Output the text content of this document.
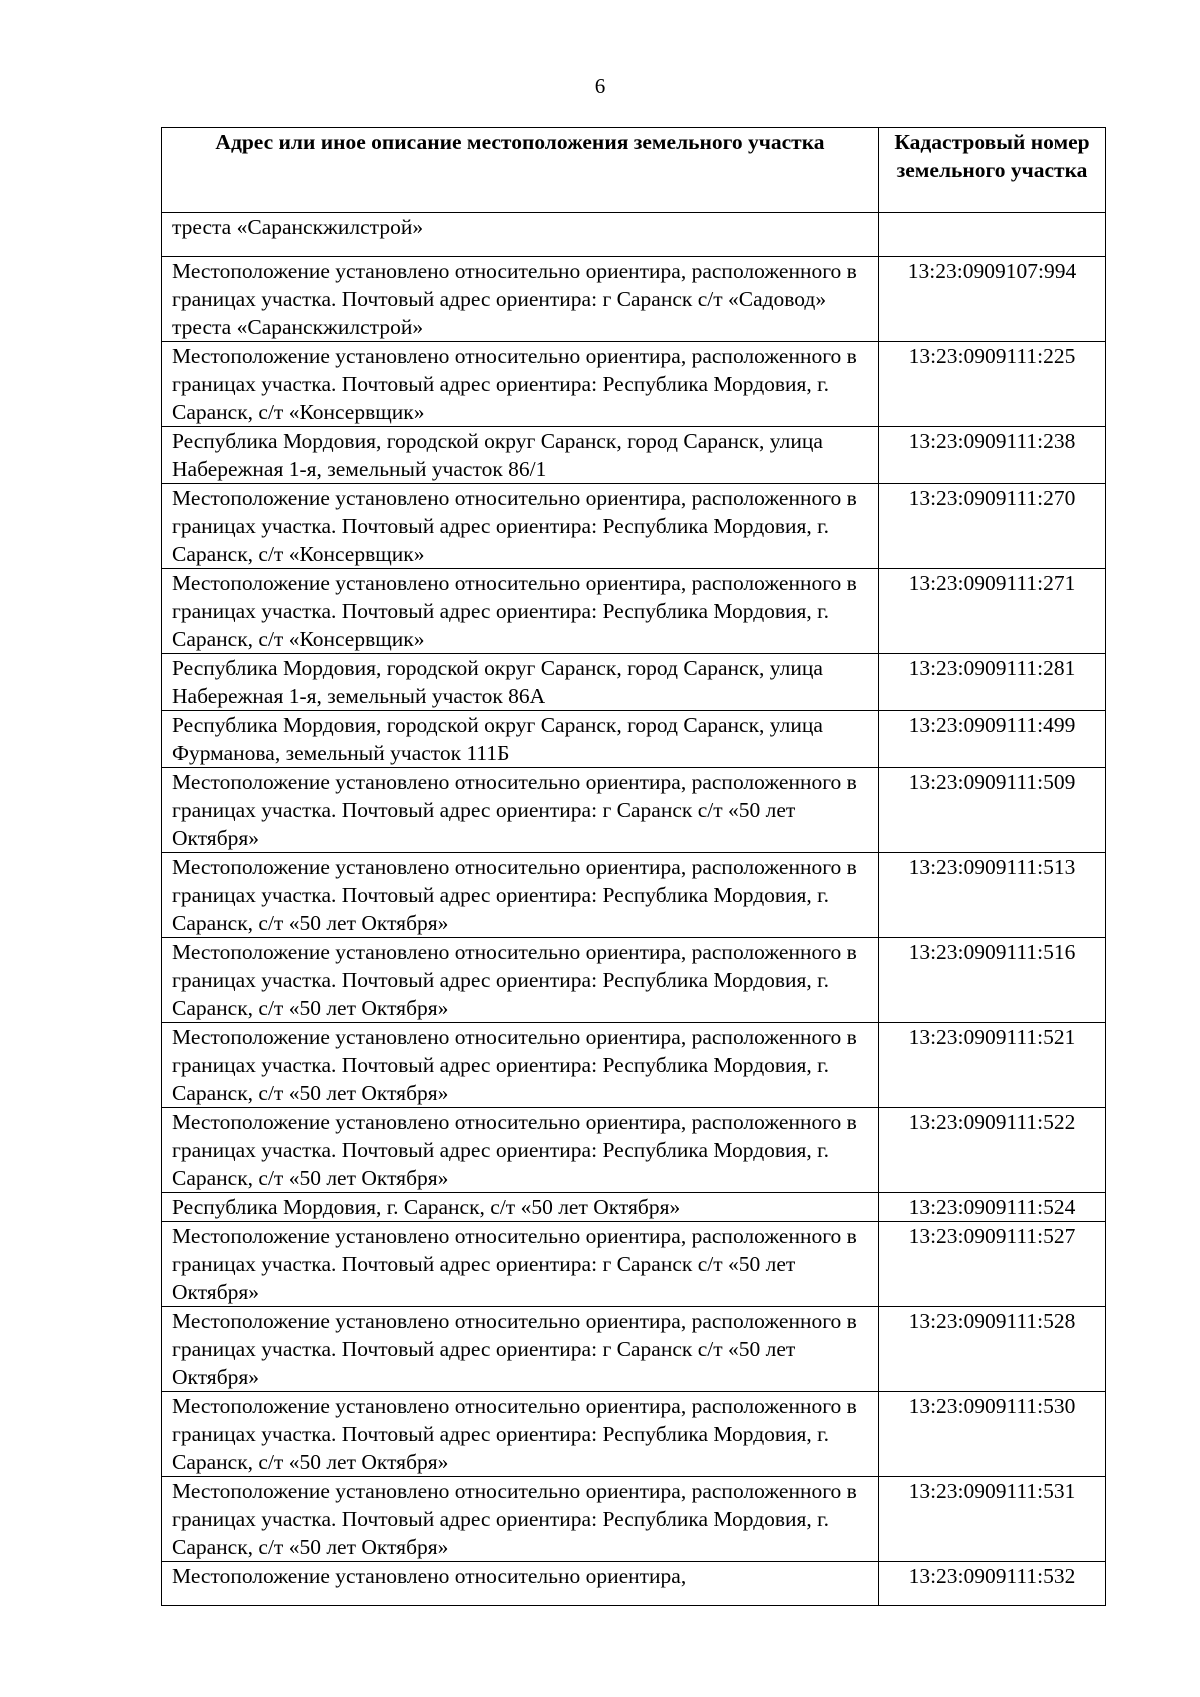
6
Адрес или иное описание местоположения земельного участка	Кадастровый номер земельного участка
треста «Саранскжилстрой»	
Местоположение установлено относительно ориентира, расположенного в границах участка. Почтовый адрес ориентира: г Саранск с/т «Садовод» треста «Саранскжилстрой»	13:23:0909107:994
Местоположение установлено относительно ориентира, расположенного в границах участка. Почтовый адрес ориентира: Республика Мордовия, г. Саранск, с/т «Консервщик»	13:23:0909111:225
Республика Мордовия, городской округ Саранск, город Саранск, улица Набережная 1-я, земельный участок 86/1	13:23:0909111:238
Местоположение установлено относительно ориентира, расположенного в границах участка. Почтовый адрес ориентира: Республика Мордовия, г. Саранск, с/т «Консервщик»	13:23:0909111:270
Местоположение установлено относительно ориентира, расположенного в границах участка. Почтовый адрес ориентира: Республика Мордовия, г. Саранск, с/т «Консервщик»	13:23:0909111:271
Республика Мордовия, городской округ Саранск, город Саранск, улица Набережная 1-я, земельный участок 86А	13:23:0909111:281
Республика Мордовия, городской округ Саранск, город Саранск, улица Фурманова, земельный участок 111Б	13:23:0909111:499
Местоположение установлено относительно ориентира, расположенного в границах участка. Почтовый адрес ориентира: г Саранск с/т «50 лет Октября»	13:23:0909111:509
Местоположение установлено относительно ориентира, расположенного в границах участка. Почтовый адрес ориентира: Республика Мордовия, г. Саранск, с/т «50 лет Октября»	13:23:0909111:513
Местоположение установлено относительно ориентира, расположенного в границах участка. Почтовый адрес ориентира: Республика Мордовия, г. Саранск, с/т «50 лет Октября»	13:23:0909111:516
Местоположение установлено относительно ориентира, расположенного в границах участка. Почтовый адрес ориентира: Республика Мордовия, г. Саранск, с/т «50 лет Октября»	13:23:0909111:521
Местоположение установлено относительно ориентира, расположенного в границах участка. Почтовый адрес ориентира: Республика Мордовия, г. Саранск, с/т «50 лет Октября»	13:23:0909111:522
Республика Мордовия, г. Саранск, с/т «50 лет Октября»	13:23:0909111:524
Местоположение установлено относительно ориентира, расположенного в границах участка. Почтовый адрес ориентира: г Саранск с/т «50 лет Октября»	13:23:0909111:527
Местоположение установлено относительно ориентира, расположенного в границах участка. Почтовый адрес ориентира: г Саранск с/т «50 лет Октября»	13:23:0909111:528
Местоположение установлено относительно ориентира, расположенного в границах участка. Почтовый адрес ориентира: Республика Мордовия, г. Саранск, с/т «50 лет Октября»	13:23:0909111:530
Местоположение установлено относительно ориентира, расположенного в границах участка. Почтовый адрес ориентира: Республика Мордовия, г. Саранск, с/т «50 лет Октября»	13:23:0909111:531
Местоположение установлено относительно ориентира,	13:23:0909111:532
